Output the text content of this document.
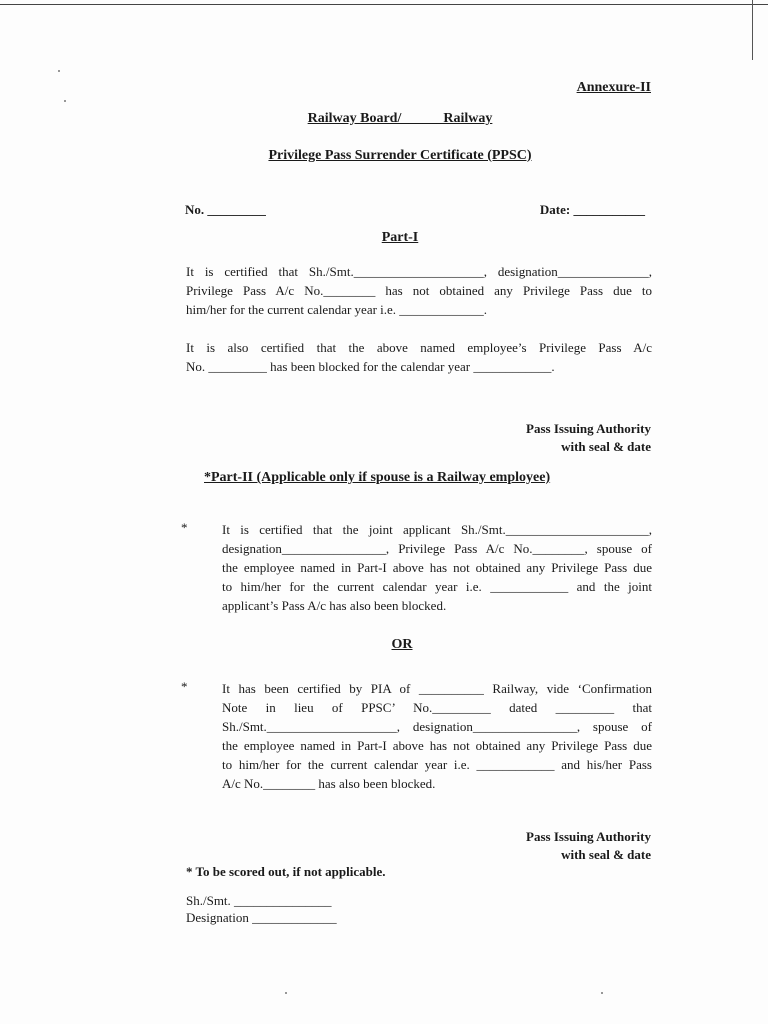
Annexure-II
Railway Board/______Railway
Privilege Pass Surrender Certificate (PPSC)
No. _________	Date: ___________
Part-I
It is certified that Sh./Smt.____________________, designation______________,
Privilege Pass A/c No.________ has not obtained any Privilege Pass due to
him/her for the current calendar year i.e. _____________.
It is also certified that the above named employee’s Privilege Pass A/c
No. _________ has been blocked for the calendar year ____________.
Pass Issuing Authority
with seal & date
*Part-II (Applicable only if spouse is a Railway employee)
*	It is certified that the joint applicant Sh./Smt.______________________,
designation________________, Privilege Pass A/c No.________, spouse of
the employee named in Part-I above has not obtained any Privilege Pass due
to him/her for the current calendar year i.e. ____________ and the joint
applicant’s Pass A/c has also been blocked.
OR
*	It has been certified by PIA of __________ Railway, vide ‘Confirmation
Note in lieu of PPSC’ No._________ dated _________ that
Sh./Smt.____________________, designation________________, spouse of
the employee named in Part-I above has not obtained any Privilege Pass due
to him/her for the current calendar year i.e. ____________ and his/her Pass
A/c No.________ has also been blocked.
Pass Issuing Authority
with seal & date
* To be scored out, if not applicable.
Sh./Smt. _______________
Designation _____________
